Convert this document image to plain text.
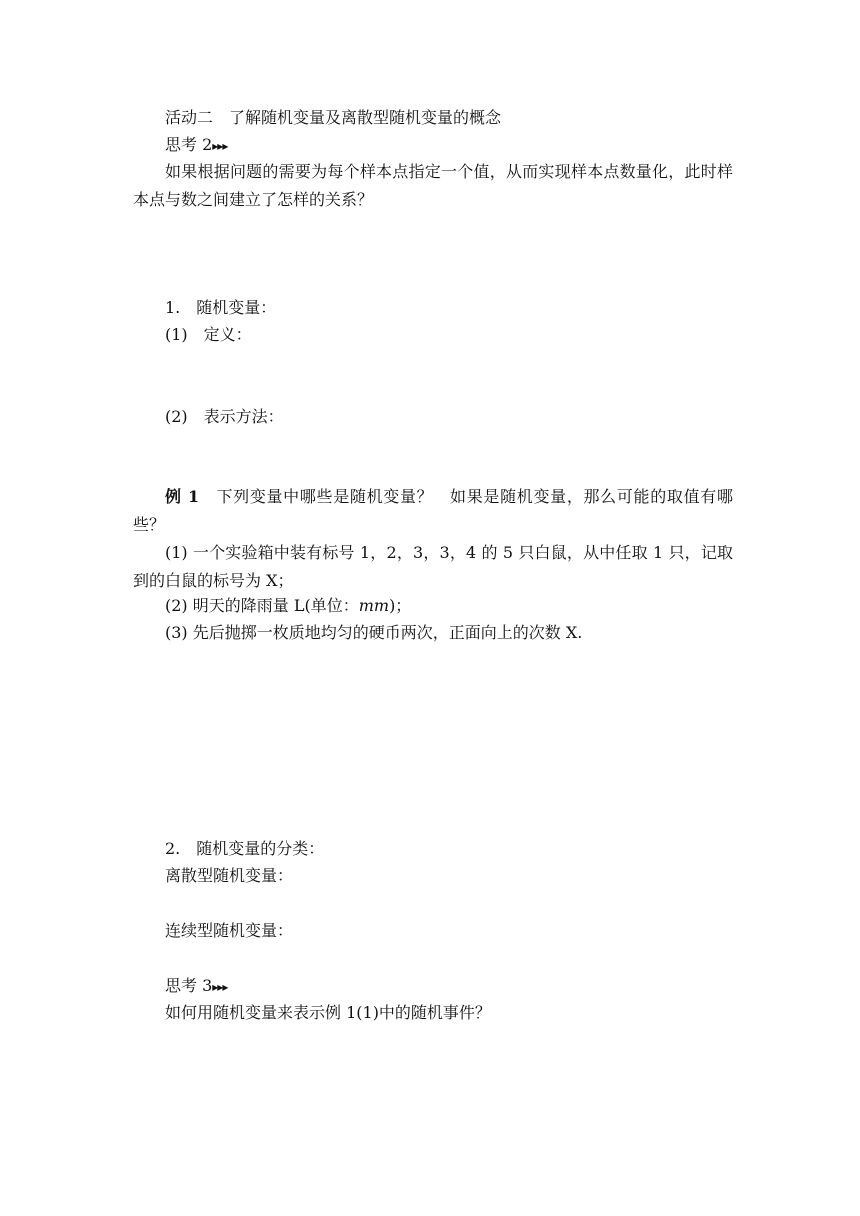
活动二　了解随机变量及离散型随机变量的概念

思考 2▸▸▸

如果根据问题的需要为每个样本点指定一个值，从而实现样本点数量化，此时样本点与数之间建立了怎样的关系？

1.　随机变量：

(1)　定义：

(2)　表示方法：

例 1　下列变量中哪些是随机变量？　如果是随机变量，那么可能的取值有哪些？

(1) 一个实验箱中装有标号 1，2，3，3，4 的 5 只白鼠，从中任取 1 只，记取到的白鼠的标号为 X；

(2) 明天的降雨量 L(单位：mm)；

(3) 先后抛掷一枚质地均匀的硬币两次，正面向上的次数 X.

2.　随机变量的分类：

离散型随机变量：

连续型随机变量：

思考 3▸▸▸

如何用随机变量来表示例 1(1)中的随机事件？
